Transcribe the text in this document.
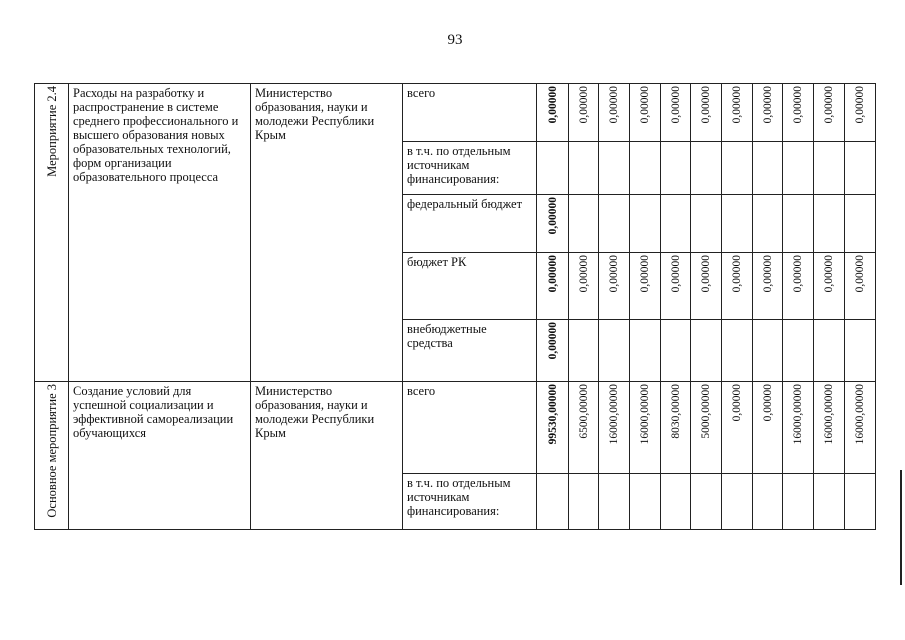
93
Мероприятие 2.4	Расходы на разработку и распространение в системе среднего профессионального и высшего образования новых образовательных технологий, форм организации образовательного процесса	Министерство образования, науки и молодежи Республики Крым	всего	0,00000	0,00000	0,00000	0,00000	0,00000	0,00000	0,00000	0,00000	0,00000	0,00000	0,00000

			в т.ч. по отдельным источникам финансирования:											

			федеральный бюджет	0,00000										

			бюджет РК	0,00000	0,00000	0,00000	0,00000	0,00000	0,00000	0,00000	0,00000	0,00000	0,00000	0,00000

			внебюджетные средства	0,00000										

Основное мероприятие 3	Создание условий для успешной социализации и эффективной самореализации обучающихся	Министерство образования, науки и молодежи Республики Крым	всего	99530,00000	6500,00000	16000,00000	16000,00000	8030,00000	5000,00000	0,00000	0,00000	16000,00000	16000,00000	16000,00000

			в т.ч. по отдельным источникам финансирования:											
